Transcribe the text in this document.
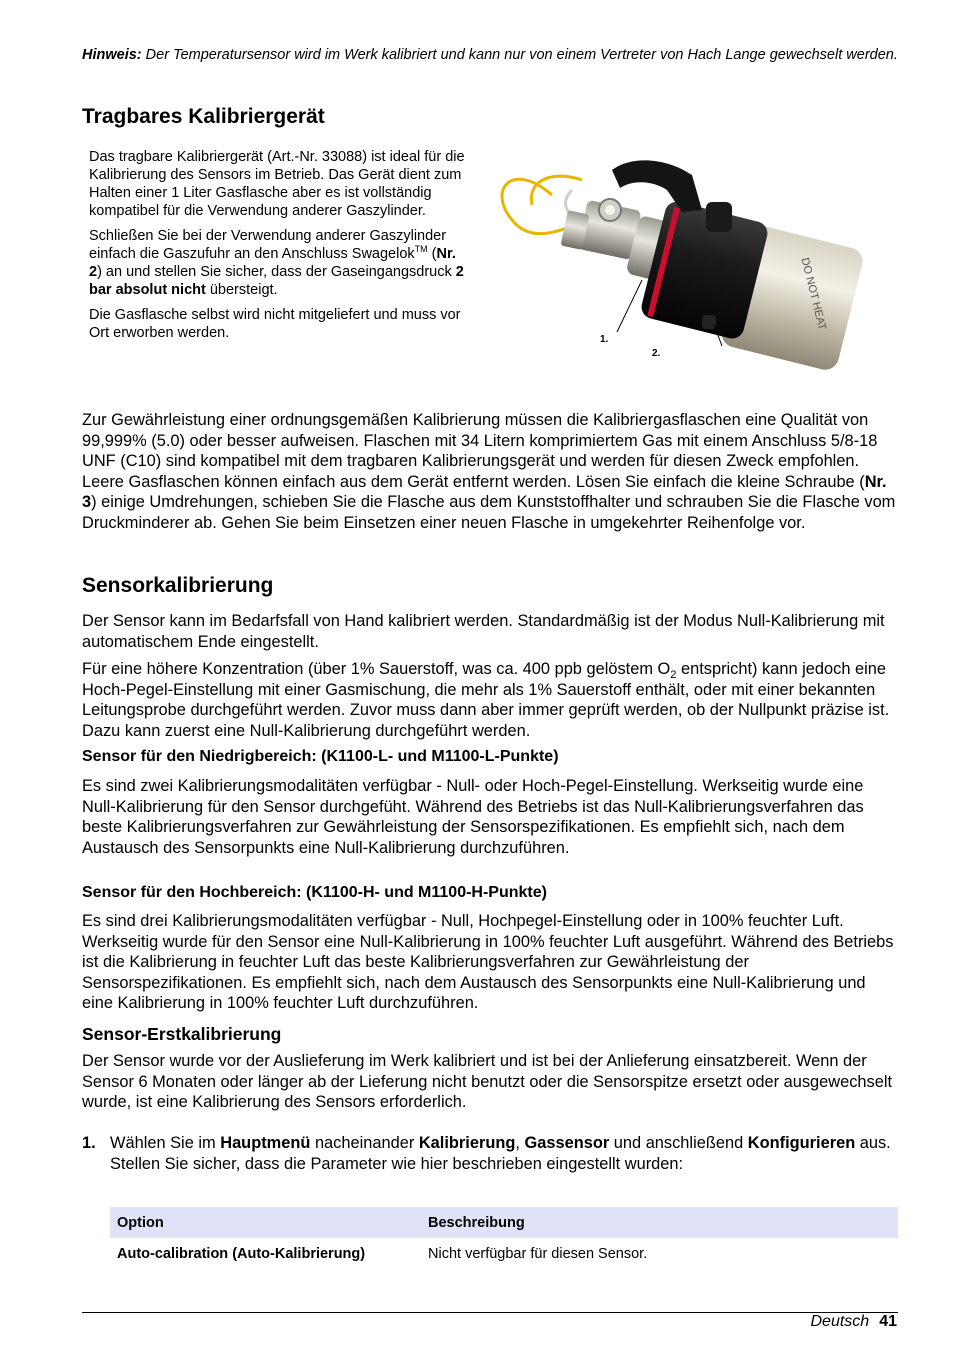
Hinweis: Der Temperatursensor wird im Werk kalibriert und kann nur von einem Vertreter von Hach Lange gewechselt werden.
Tragbares Kalibriergerät

Das tragbare Kalibriergerät (Art.-Nr. 33088) ist ideal für die Kalibrierung des Sensors im Betrieb. Das Gerät dient zum Halten einer 1 Liter Gasflasche aber es ist vollständig kompatibel für die Verwendung anderer Gaszylinder.

Schließen Sie bei der Verwendung anderer Gaszylinder einfach die Gaszufuhr an den Anschluss Swagelok™ (Nr. 2) an und stellen Sie sicher, dass der Gaseingangsdruck 2 bar absolut nicht übersteigt.

Die Gasflasche selbst wird nicht mitgeliefert und muss vor Ort erworben werden.

DO NOT HEAT
1.
2.

Zur Gewährleistung einer ordnungsgemäßen Kalibrierung müssen die Kalibriergasflaschen eine Qualität von 99,999% (5.0) oder besser aufweisen. Flaschen mit 34 Litern komprimiertem Gas mit einem Anschluss 5/8-18 UNF (C10) sind kompatibel mit dem tragbaren Kalibrierungsgerät und werden für diesen Zweck empfohlen. Leere Gasflaschen können einfach aus dem Gerät entfernt werden. Lösen Sie einfach die kleine Schraube (Nr. 3) einige Umdrehungen, schieben Sie die Flasche aus dem Kunststoffhalter und schrauben Sie die Flasche vom Druckminderer ab. Gehen Sie beim Einsetzen einer neuen Flasche in umgekehrter Reihenfolge vor.

Sensorkalibrierung

Der Sensor kann im Bedarfsfall von Hand kalibriert werden. Standardmäßig ist der Modus Null-Kalibrierung mit automatischem Ende eingestellt.

Für eine höhere Konzentration (über 1% Sauerstoff, was ca. 400 ppb gelöstem $O_2$ entspricht) kann jedoch eine Hoch-Pegel-Einstellung mit einer Gasmischung, die mehr als 1% Sauerstoff enthält, oder mit einer bekannten Leitungsprobe durchgeführt werden. Zuvor muss dann aber immer geprüft werden, ob der Nullpunkt präzise ist. Dazu kann zuerst eine Null-Kalibrierung durchgeführt werden.

Sensor für den Niedrigbereich: (K1100-L- und M1100-L-Punkte)

Es sind zwei Kalibrierungsmodalitäten verfügbar - Null- oder Hoch-Pegel-Einstellung. Werkseitig wurde eine Null-Kalibrierung für den Sensor durchgefüht. Während des Betriebs ist das Null-Kalibrierungsverfahren das beste Kalibrierungsverfahren zur Gewährleistung der Sensorspezifikationen. Es empfiehlt sich, nach dem Austausch des Sensorpunkts eine Null-Kalibrierung durchzuführen.

Sensor für den Hochbereich: (K1100-H- und M1100-H-Punkte)

Es sind drei Kalibrierungsmodalitäten verfügbar - Null, Hochpegel-Einstellung oder in 100% feuchter Luft. Werkseitig wurde für den Sensor eine Null-Kalibrierung in 100% feuchter Luft ausgeführt. Während des Betriebs ist die Kalibrierung in feuchter Luft das beste Kalibrierungsverfahren zur Gewährleistung der Sensorspezifikationen. Es empfiehlt sich, nach dem Austausch des Sensorpunkts eine Null-Kalibrierung und eine Kalibrierung in 100% feuchter Luft durchzuführen.

Sensor-Erstkalibrierung

Der Sensor wurde vor der Auslieferung im Werk kalibriert und ist bei der Anlieferung einsatzbereit. Wenn der Sensor 6 Monaten oder länger ab der Lieferung nicht benutzt oder die Sensorspitze ersetzt oder ausgewechselt wurde, ist eine Kalibrierung des Sensors erforderlich.

1. Wählen Sie im Hauptmenü nacheinander Kalibrierung, Gassensor und anschließend Konfigurieren aus. Stellen Sie sicher, dass die Parameter wie hier beschrieben eingestellt wurden:
Option	Beschreibung
Auto-calibration (Auto-Kalibrierung)	Nicht verfügbar für diesen Sensor.
Deutsch 41
